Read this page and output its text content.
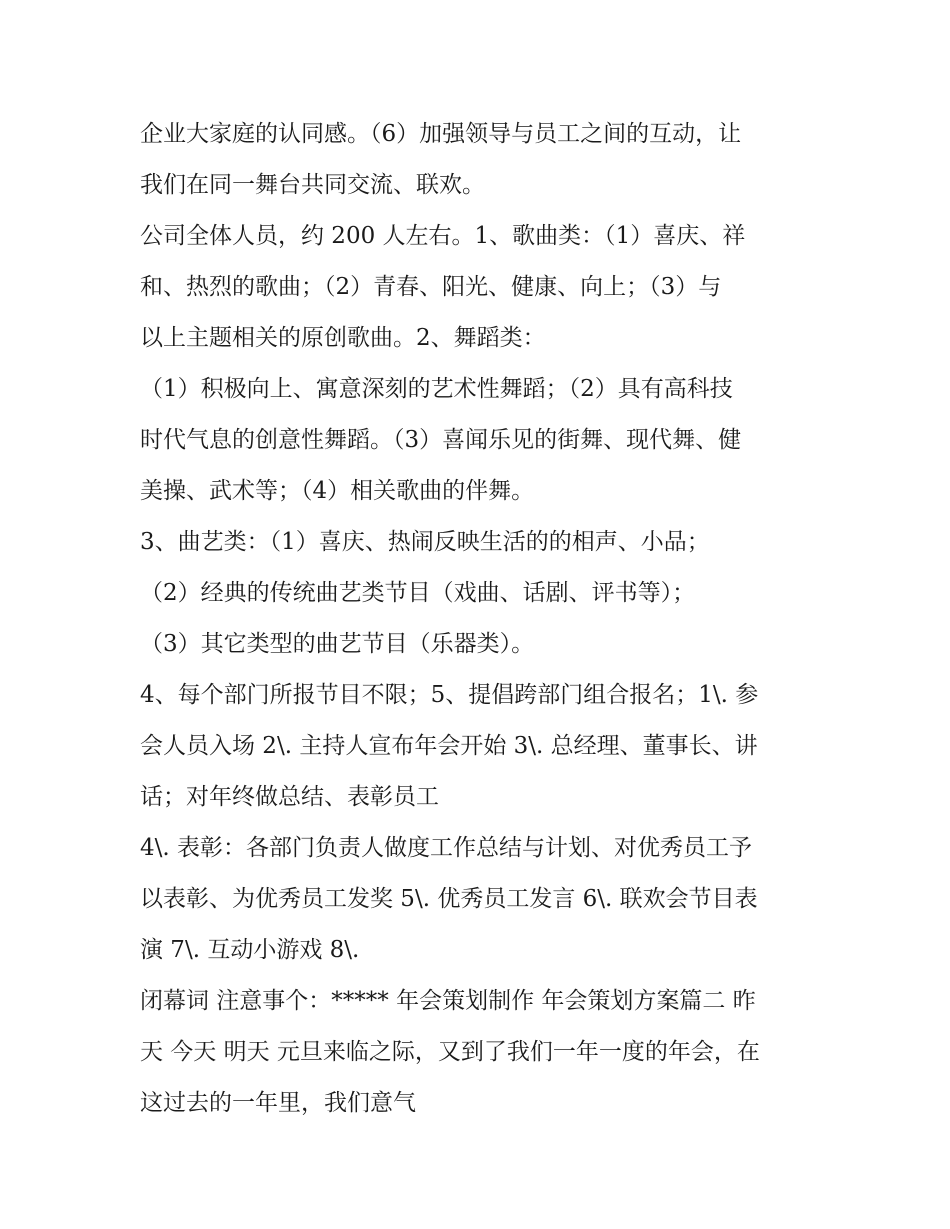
企业大家庭的认同感。（6）加强领导与员工之间的互动，让
我们在同一舞台共同交流、联欢。
公司全体人员，约 200 人左右。1、歌曲类：（1）喜庆、祥
和、热烈的歌曲；（2）青春、阳光、健康、向上；（3）与
以上主题相关的原创歌曲。2、舞蹈类：
（1）积极向上、寓意深刻的艺术性舞蹈；（2）具有高科技
时代气息的创意性舞蹈。（3）喜闻乐见的街舞、现代舞、健
美操、武术等；（4）相关歌曲的伴舞。
3、曲艺类：（1）喜庆、热闹反映生活的的相声、小品；
（2）经典的传统曲艺类节目（戏曲、话剧、评书等）；
（3）其它类型的曲艺节目（乐器类）。
4、每个部门所报节目不限；5、提倡跨部门组合报名；1\. 参
会人员入场 2\. 主持人宣布年会开始 3\. 总经理、董事长、讲
话；对年终做总结、表彰员工
4\. 表彰：各部门负责人做度工作总结与计划、对优秀员工予
以表彰、为优秀员工发奖 5\. 优秀员工发言 6\. 联欢会节目表
演 7\. 互动小游戏 8\.
闭幕词 注意事个：***** 年会策划制作 年会策划方案篇二 昨
天 今天 明天 元旦来临之际，又到了我们一年一度的年会，在
这过去的一年里，我们意气
